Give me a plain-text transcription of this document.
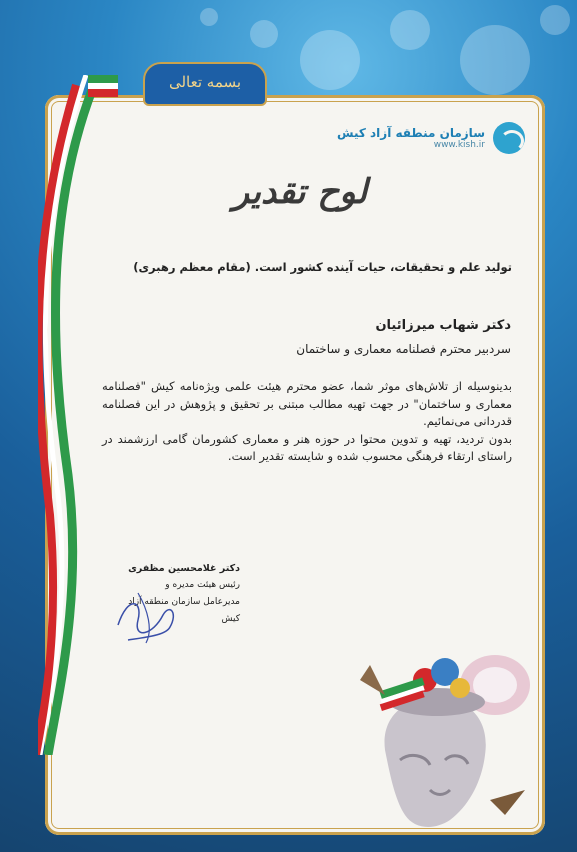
بسمه تعالی
سازمان منطقه آزاد کیش
www.kish.ir
لوح تقدیر
تولید علم و تحقیقات، حیات آینده کشور است. (مقام معظم رهبری)
دکتر شهاب میرزائیان
سردبیر محترم فصلنامه معماری و ساختمان

بدینوسیله از تلاش‌های موثر شما، عضو محترم هیئت علمی ویژه‌نامه کیش "فصلنامه معماری و ساختمان" در جهت تهیه مطالب مبتنی بر تحقیق و پژوهش در این فصلنامه قدردانی می‌نمائیم.

بدون تردید، تهیه و تدوین محتوا در حوزه هنر و معماری کشورمان گامی ارزشمند در راستای ارتقاء فرهنگی محسوب شده و شایسته تقدیر است.

دکتر غلامحسین مظفری
رئیس هیئت مدیره و
مدیرعامل سازمان منطقه آزاد کیش
